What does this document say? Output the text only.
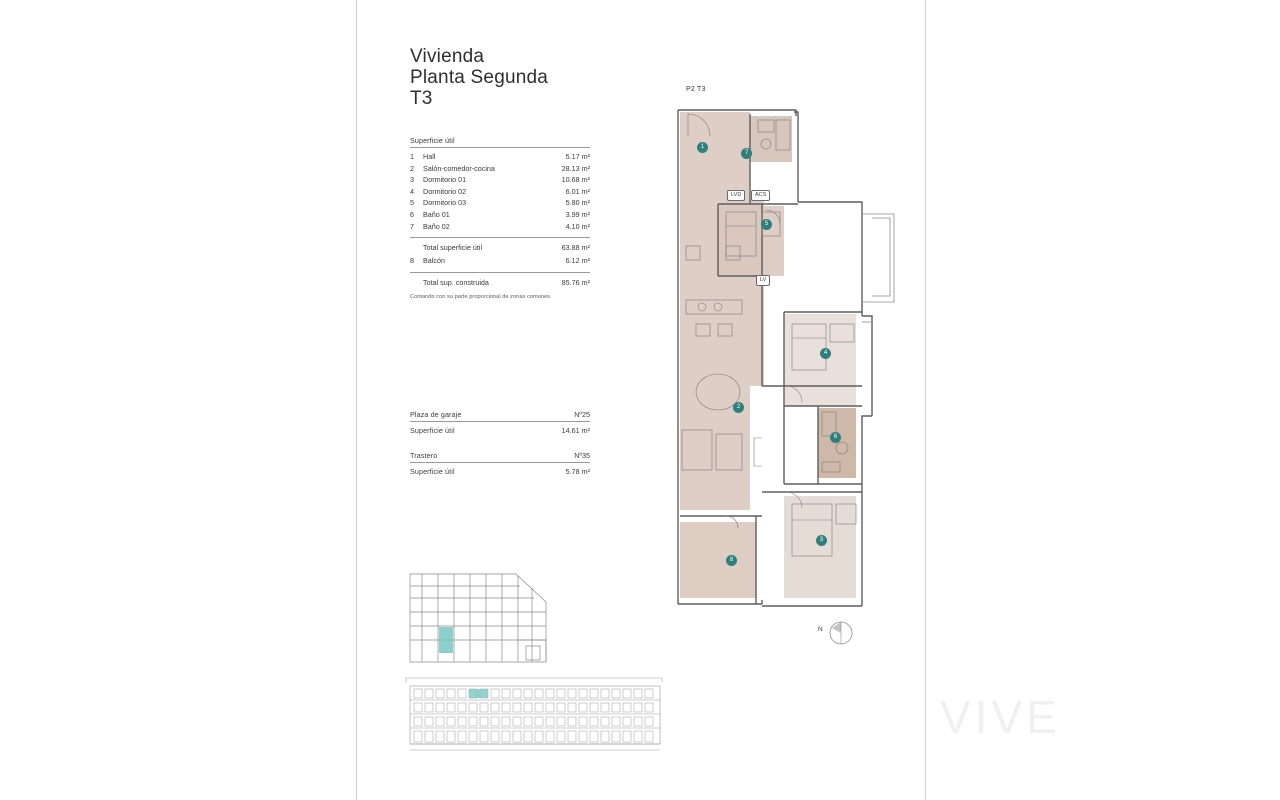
Vivienda
Planta Segunda
T3
Superficie útil
1	Hall	5.17 m²
2	Salón-comedor-cocina	28.13 m²
3	Dormitorio 01	10.68 m²
4	Dormitorio 02	6.01 m²
5	Dormitorio 03	5.80 m²
6	Baño 01	3.99 m²
7	Baño 02	4.10 m²
Total superficie útil	63.88 m²
8	Balcón	6.12 m²
Total sup. construida	85.76 m²
Contando con su parte proporcional de zonas comunes
Plaza de garaje	Nº25
Superficie útil	14.61 m²
Trastero	Nº35
Superficie útil	5.78 m²
P2 T3
LVD	ACS
LV
1
7
5
4
2
6
3
8
N
VIVE
